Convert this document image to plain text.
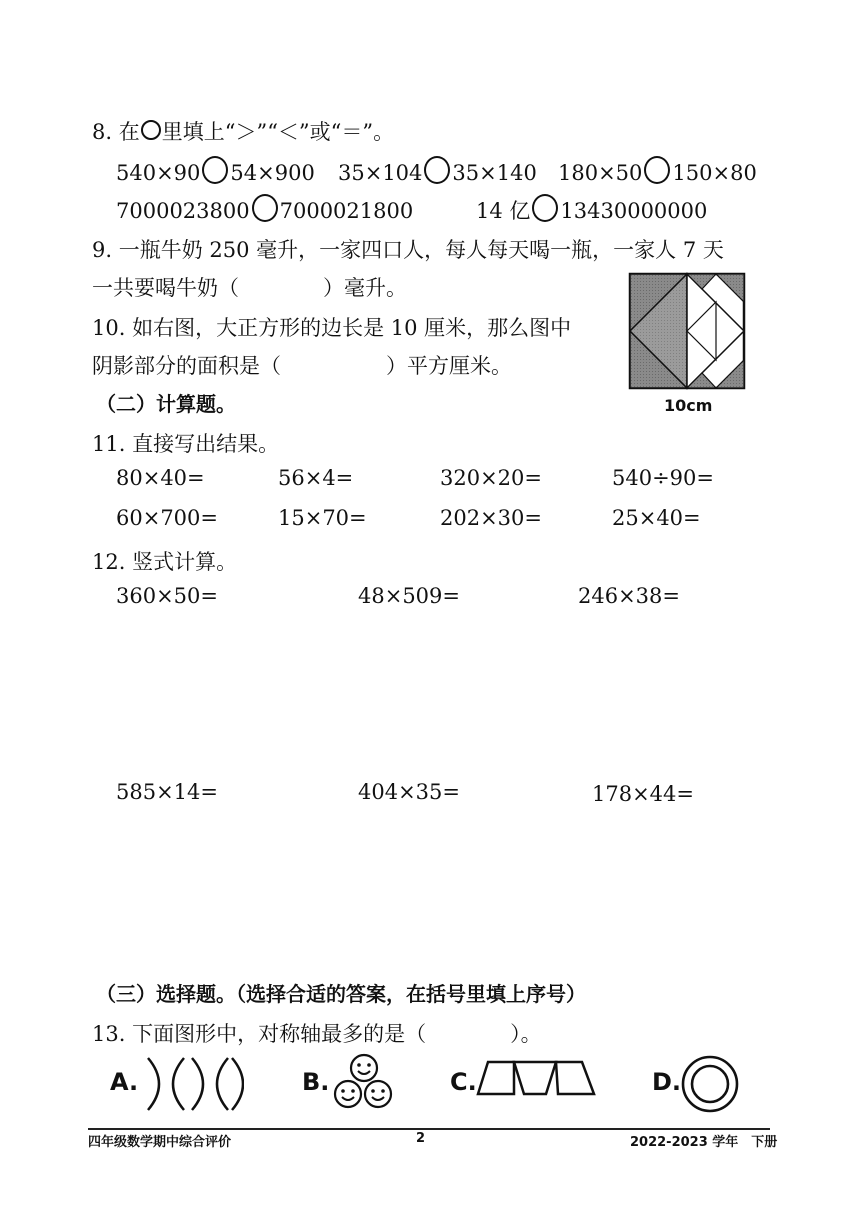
8. 在 里填上“＞”“＜”或“＝”。
540×90 54×900 35×104 35×140 180×50 150×80
7000023800 7000021800	14 亿 13430000000
9. 一瓶牛奶 250 毫升，一家四口人，每人每天喝一瓶，一家人 7 天
一共要喝牛奶（　　　　）毫升。
10. 如右图，大正方形的边长是 10 厘米，那么图中
阴影部分的面积是（　　　　　）平方厘米。
10cm
（二）计算题。
11. 直接写出结果。
80×40=	56×4=	320×20=	540÷90=
60×700=	15×70=	202×30=	25×40=
12. 竖式计算。
360×50=	48×509=	246×38=
585×14=	404×35=	178×44=
（三）选择题。（选择合适的答案，在括号里填上序号）
13. 下面图形中，对称轴最多的是（　　　　）。
A.	B.	C.	D.
四年级数学期中综合评价	2	2022-2023 学年　下册
